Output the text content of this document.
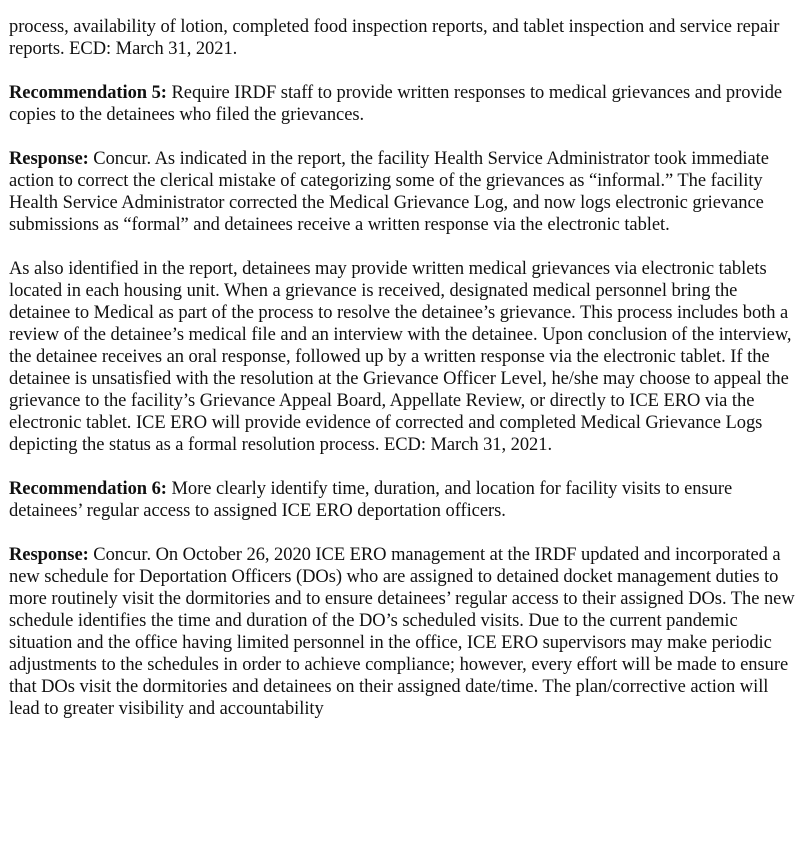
process, availability of lotion, completed food inspection reports, and tablet inspection and service repair reports. ECD: March 31, 2021.

Recommendation 5: Require IRDF staff to provide written responses to medical grievances and provide copies to the detainees who filed the grievances.

Response: Concur. As indicated in the report, the facility Health Service Administrator took immediate action to correct the clerical mistake of categorizing some of the grievances as “informal.” The facility Health Service Administrator corrected the Medical Grievance Log, and now logs electronic grievance submissions as “formal” and detainees receive a written response via the electronic tablet.

As also identified in the report, detainees may provide written medical grievances via electronic tablets located in each housing unit. When a grievance is received, designated medical personnel bring the detainee to Medical as part of the process to resolve the detainee’s grievance. This process includes both a review of the detainee’s medical file and an interview with the detainee. Upon conclusion of the interview, the detainee receives an oral response, followed up by a written response via the electronic tablet. If the detainee is unsatisfied with the resolution at the Grievance Officer Level, he/she may choose to appeal the grievance to the facility’s Grievance Appeal Board, Appellate Review, or directly to ICE ERO via the electronic tablet. ICE ERO will provide evidence of corrected and completed Medical Grievance Logs depicting the status as a formal resolution process. ECD: March 31, 2021.

Recommendation 6: More clearly identify time, duration, and location for facility visits to ensure detainees’ regular access to assigned ICE ERO deportation officers.

Response: Concur. On October 26, 2020 ICE ERO management at the IRDF updated and incorporated a new schedule for Deportation Officers (DOs) who are assigned to detained docket management duties to more routinely visit the dormitories and to ensure detainees’ regular access to their assigned DOs. The new schedule identifies the time and duration of the DO’s scheduled visits. Due to the current pandemic situation and the office having limited personnel in the office, ICE ERO supervisors may make periodic adjustments to the schedules in order to achieve compliance; however, every effort will be made to ensure that DOs visit the dormitories and detainees on their assigned date/time. The plan/corrective action will lead to greater visibility and accountability
